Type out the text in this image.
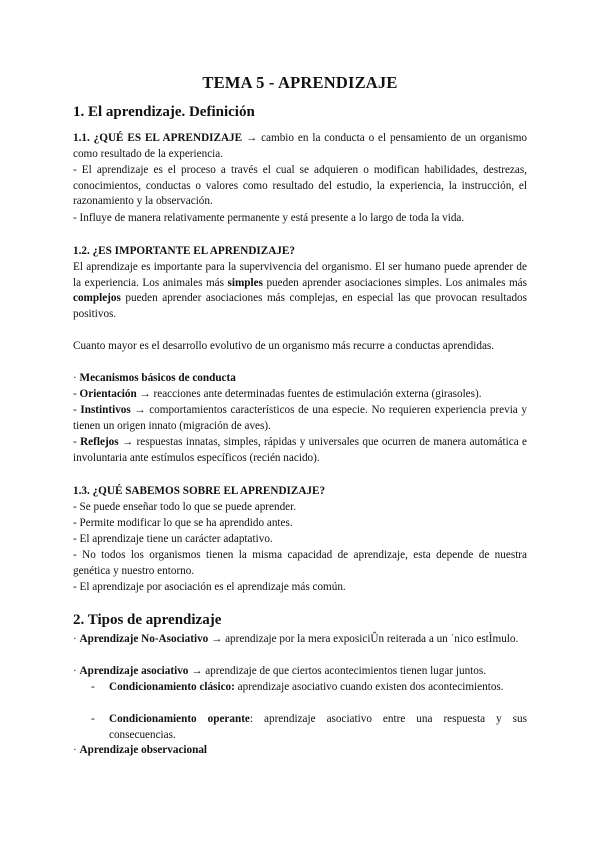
TEMA 5 - APRENDIZAJE
1. El aprendizaje. Definición
1.1. ¿QUÉ ES EL APRENDIZAJE → cambio en la conducta o el pensamiento de un organismo como resultado de la experiencia.
- El aprendizaje es el proceso a través el cual se adquieren o modifican habilidades, destrezas, conocimientos, conductas o valores como resultado del estudio, la experiencia, la instrucción, el razonamiento y la observación.
- Influye de manera relativamente permanente y está presente a lo largo de toda la vida.
1.2. ¿ES IMPORTANTE EL APRENDIZAJE?
El aprendizaje es importante para la supervivencia del organismo. El ser humano puede aprender de la experiencia. Los animales más simples pueden aprender asociaciones simples. Los animales más complejos pueden aprender asociaciones más complejas, en especial las que provocan resultados positivos.
Cuanto mayor es el desarrollo evolutivo de un organismo más recurre a conductas aprendidas.
· Mecanismos básicos de conducta
- Orientación → reacciones ante determinadas fuentes de estimulación externa (girasoles).
- Instintivos → comportamientos característicos de una especie. No requieren experiencia previa y tienen un origen innato (migración de aves).
- Reflejos → respuestas innatas, simples, rápidas y universales que ocurren de manera automática e involuntaria ante estímulos específicos (recién nacido).
1.3. ¿QUÉ SABEMOS SOBRE EL APRENDIZAJE?
- Se puede enseñar todo lo que se puede aprender.
- Permite modificar lo que se ha aprendido antes.
- El aprendizaje tiene un carácter adaptativo.
- No todos los organismos tienen la misma capacidad de aprendizaje, esta depende de nuestra genética y nuestro entorno.
- El aprendizaje por asociación es el aprendizaje más común.
2. Tipos de aprendizaje
· Aprendizaje No-Asociativo → aprendizaje por la mera exposiciÛn reiterada a un ˙nico estÌmulo.
· Aprendizaje asociativo → aprendizaje de que ciertos acontecimientos tienen lugar juntos.
- Condicionamiento clásico: aprendizaje asociativo cuando existen dos acontecimientos.
- Condicionamiento operante: aprendizaje asociativo entre una respuesta y sus consecuencias.
· Aprendizaje observacional
